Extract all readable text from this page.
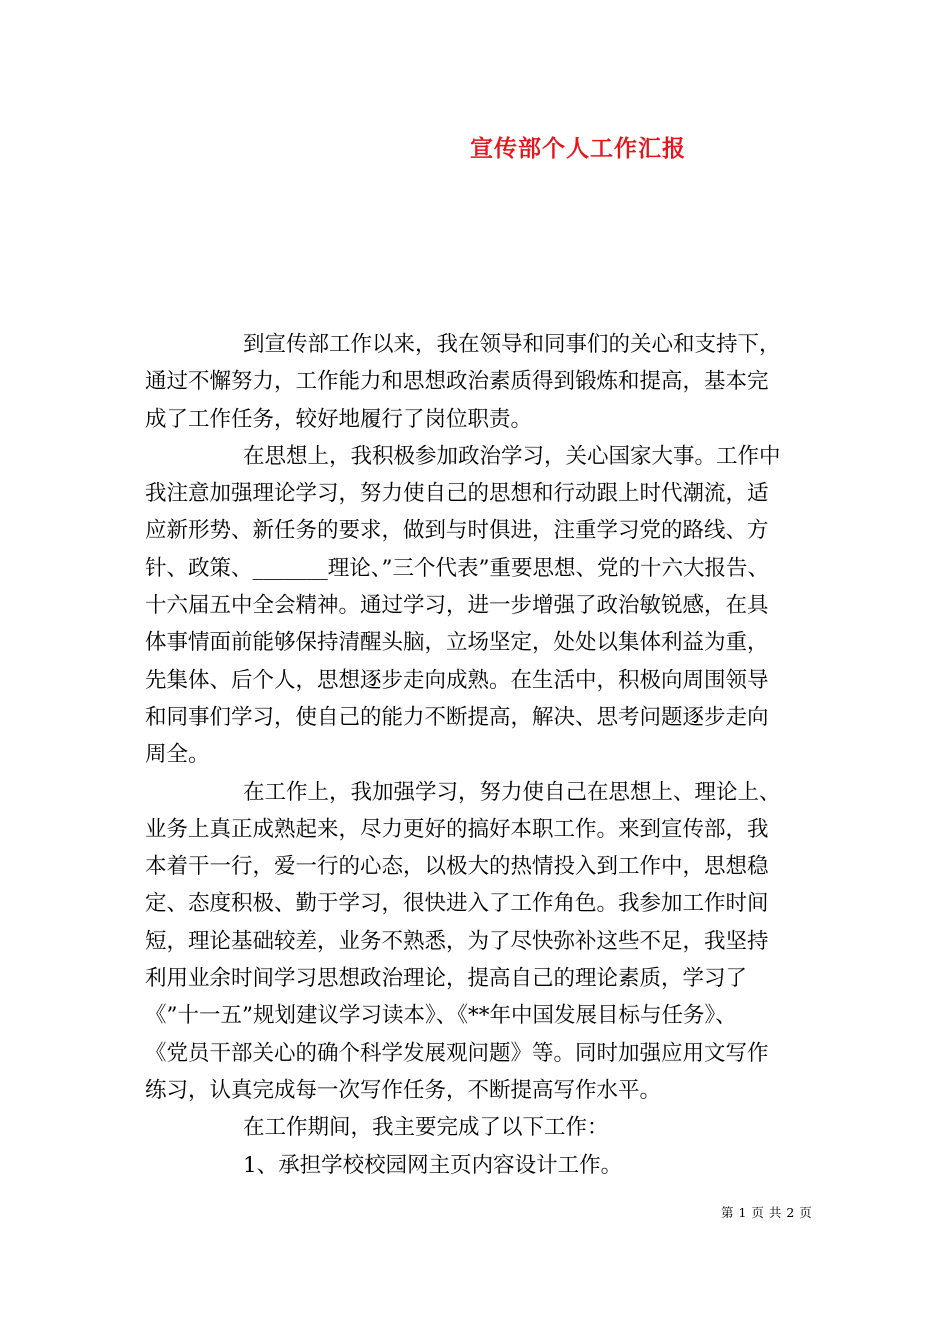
宣传部个人工作汇报

到宣传部工作以来，我在领导和同事们的关心和支持下，
通过不懈努力，工作能力和思想政治素质得到锻炼和提高，基本完
成了工作任务，较好地履行了岗位职责。

在思想上，我积极参加政治学习，关心国家大事。工作中
我注意加强理论学习，努力使自己的思想和行动跟上时代潮流，适
应新形势、新任务的要求，做到与时俱进，注重学习党的路线、方
针、政策、_______理论、”三个代表”重要思想、党的十六大报告、
十六届五中全会精神。通过学习，进一步增强了政治敏锐感，在具
体事情面前能够保持清醒头脑，立场坚定，处处以集体利益为重，
先集体、后个人，思想逐步走向成熟。在生活中，积极向周围领导
和同事们学习，使自己的能力不断提高，解决、思考问题逐步走向
周全。

在工作上，我加强学习，努力使自己在思想上、理论上、
业务上真正成熟起来，尽力更好的搞好本职工作。来到宣传部，我
本着干一行，爱一行的心态，以极大的热情投入到工作中，思想稳
定、态度积极、勤于学习，很快进入了工作角色。我参加工作时间
短，理论基础较差，业务不熟悉，为了尽快弥补这些不足，我坚持
利用业余时间学习思想政治理论，提高自己的理论素质，学习了
《”十一五”规划建议学习读本》、《**年中国发展目标与任务》、
《党员干部关心的确个科学发展观问题》等。同时加强应用文写作
练习，认真完成每一次写作任务，不断提高写作水平。

在工作期间，我主要完成了以下工作：

1、承担学校校园网主页内容设计工作。

第 1 页 共 2 页
